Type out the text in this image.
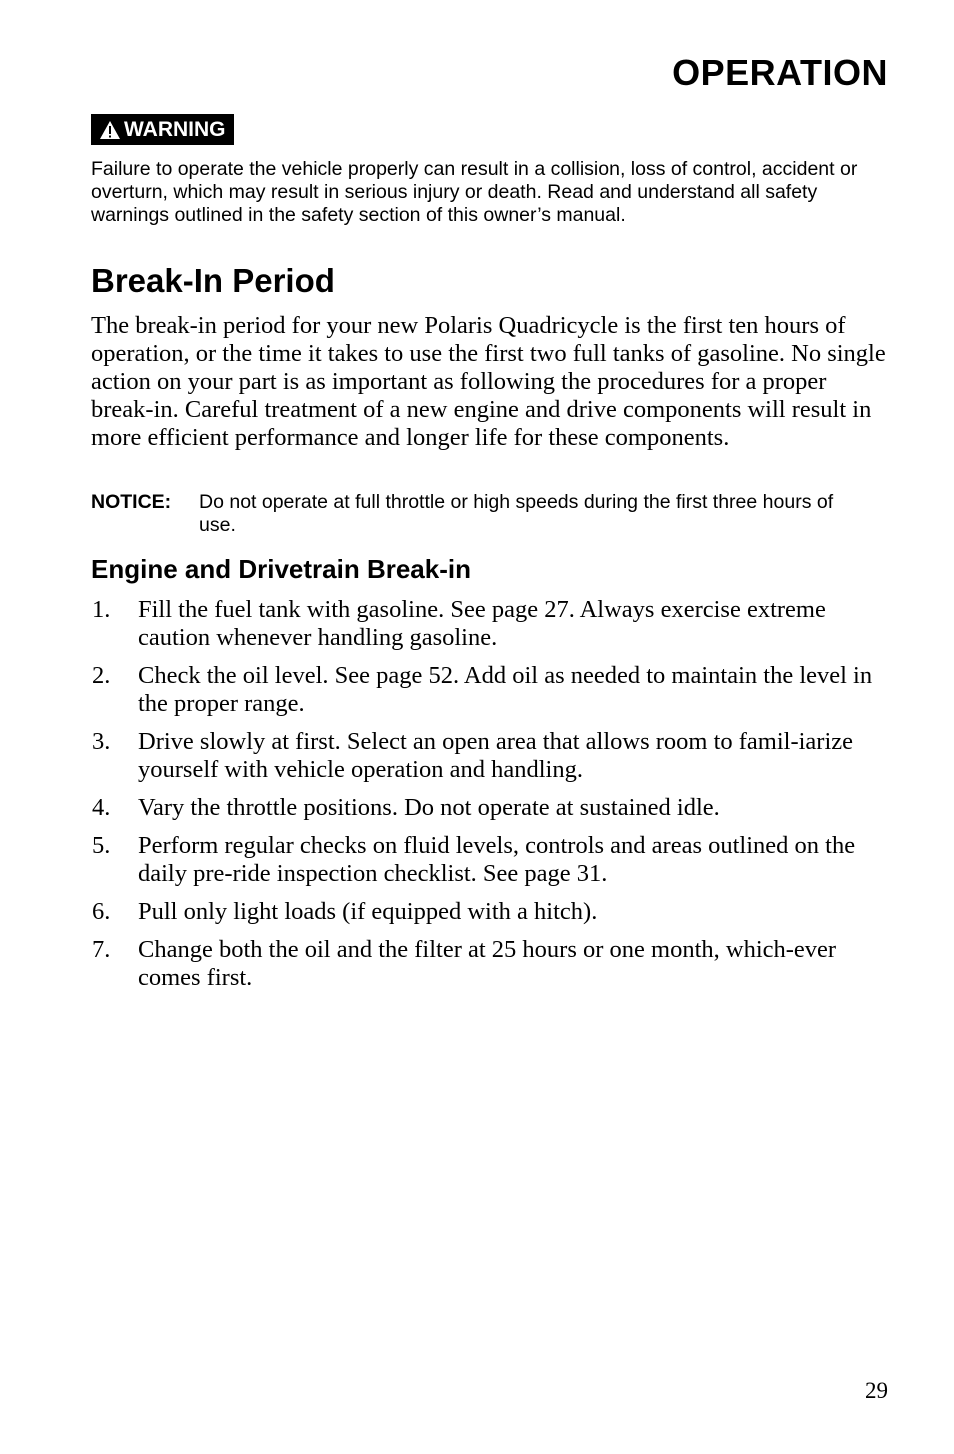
OPERATION
WARNING

Failure to operate the vehicle properly can result in a collision, loss of control, accident or overturn, which may result in serious injury or death. Read and understand all safety warnings outlined in the safety section of this owner’s manual.

Break-In Period

The break-in period for your new Polaris Quadricycle is the first ten hours of operation, or the time it takes to use the first two full tanks of gasoline. No single action on your part is as important as following the procedures for a proper break-in. Careful treatment of a new engine and drive components will result in more efficient performance and longer life for these components.

NOTICE:	Do not operate at full throttle or high speeds during the first three hours of use.
Engine and Drivetrain Break-in
1.	Fill the fuel tank with gasoline. See page 27. Always exercise extreme caution whenever handling gasoline.
2.	Check the oil level. See page 52. Add oil as needed to maintain the level in the proper range.
3.	Drive slowly at first. Select an open area that allows room to famil-iarize yourself with vehicle operation and handling.
4.	Vary the throttle positions. Do not operate at sustained idle.
5.	Perform regular checks on fluid levels, controls and areas outlined on the daily pre-ride inspection checklist. See page 31.
6.	Pull only light loads (if equipped with a hitch).
7.	Change both the oil and the filter at 25 hours or one month, which-ever comes first.

29
